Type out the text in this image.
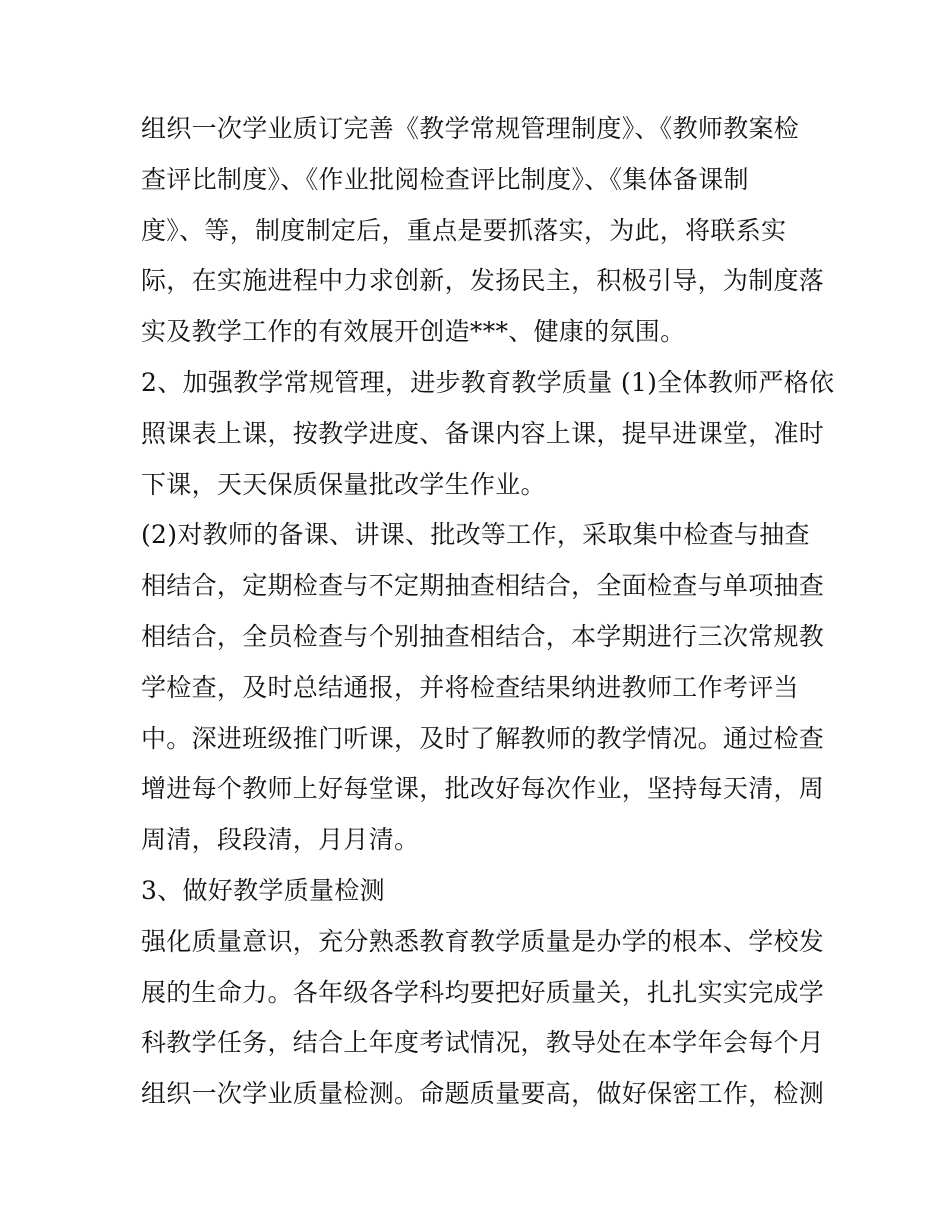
组织一次学业质订完善《教学常规管理制度》、《教师教案检
查评比制度》、《作业批阅检查评比制度》、《集体备课制
度》、等，制度制定后，重点是要抓落实，为此，将联系实
际，在实施进程中力求创新，发扬民主，积极引导，为制度落
实及教学工作的有效展开创造***、健康的氛围。
2、加强教学常规管理，进步教育教学质量 (1)全体教师严格依
照课表上课，按教学进度、备课内容上课，提早进课堂，准时
下课，天天保质保量批改学生作业。
(2)对教师的备课、讲课、批改等工作，采取集中检查与抽查
相结合，定期检查与不定期抽查相结合，全面检查与单项抽查
相结合，全员检查与个别抽查相结合，本学期进行三次常规教
学检查，及时总结通报，并将检查结果纳进教师工作考评当
中。深进班级推门听课，及时了解教师的教学情况。通过检查
增进每个教师上好每堂课，批改好每次作业，坚持每天清，周
周清，段段清，月月清。
3、做好教学质量检测
强化质量意识，充分熟悉教育教学质量是办学的根本、学校发
展的生命力。各年级各学科均要把好质量关，扎扎实实完成学
科教学任务，结合上年度考试情况，教导处在本学年会每个月
组织一次学业质量检测。命题质量要高，做好保密工作，检测
